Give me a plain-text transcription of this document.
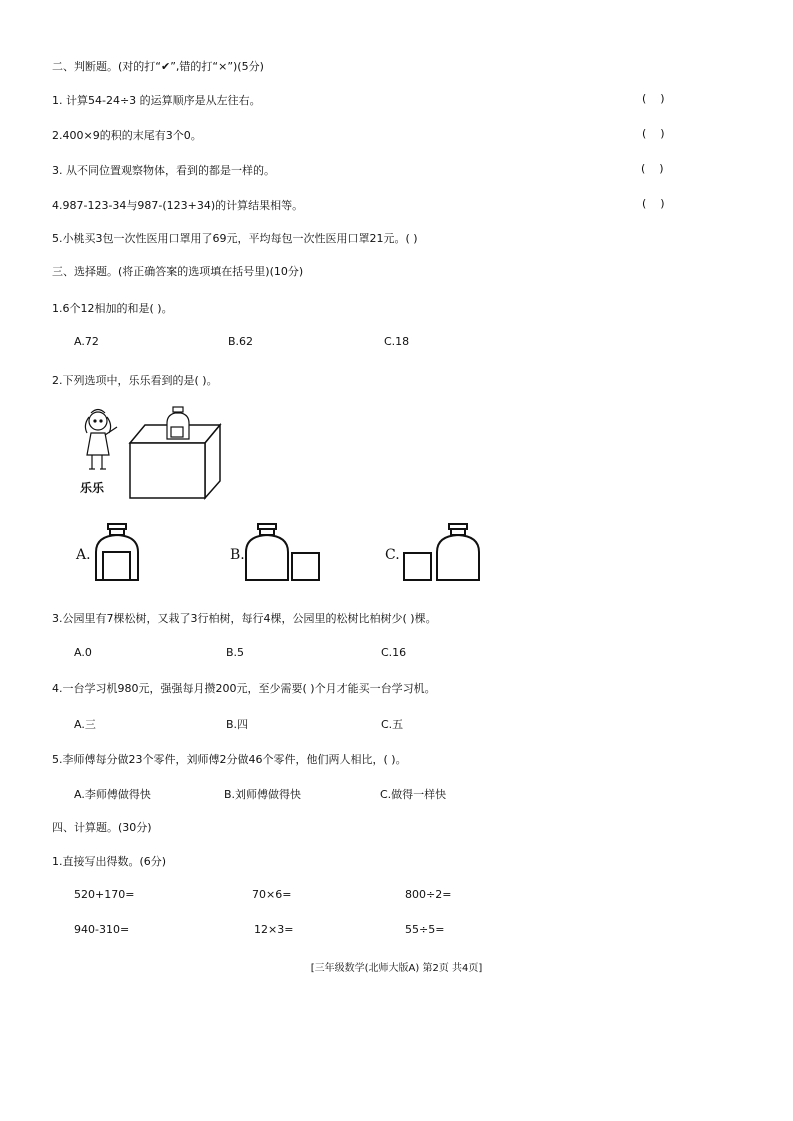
二、判断题。(对的打“✔”,错的打“×”)(5分)
1. 计算54-24÷3 的运算顺序是从左往右。	(    )
2.400×9的积的末尾有3个0。	(    )
3. 从不同位置观察物体，看到的都是一样的。	(    )
4.987-123-34与987-(123+34)的计算结果相等。	(    )
5.小桃买3包一次性医用口罩用了69元，平均每包一次性医用口罩21元。( )
三、选择题。(将正确答案的选项填在括号里)(10分)
1.6个12相加的和是( )。
A.72	B.62	C.18
2.下列选项中，乐乐看到的是( )。
乐乐
A.	B.	C.
3.公园里有7棵松树，又栽了3行柏树，每行4棵，公园里的松树比柏树少( )棵。
A.0	B.5	C.16
4.一台学习机980元，强强每月攒200元，至少需要( )个月才能买一台学习机。
A.三	B.四	C.五
5.李师傅每分做23个零件，刘师傅2分做46个零件，他们两人相比，( )。
A.李师傅做得快	B.刘师傅做得快	C.做得一样快
四、计算题。(30分)
1.直接写出得数。(6分)
520+170=	70×6=	800÷2=
940-310=	12×3=	55÷5=
[三年级数学(北师大版A) 第2页 共4页]
